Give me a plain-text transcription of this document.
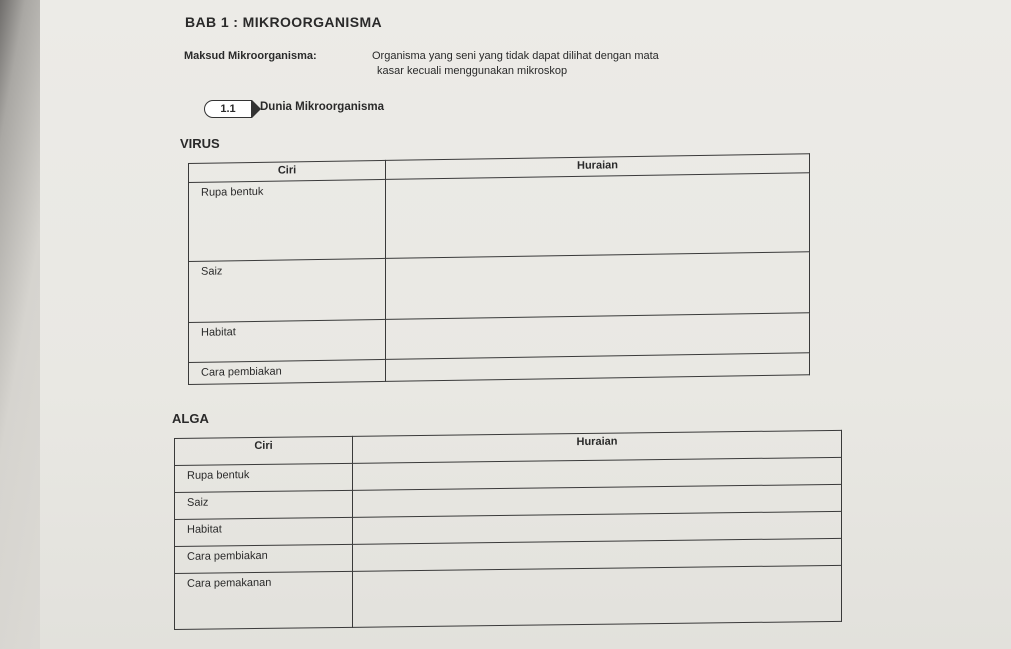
BAB 1 : MIKROORGANISMA
Maksud Mikroorganisma:	Organisma yang seni yang tidak dapat dilihat dengan mata
kasar kecuali menggunakan mikroskop
1.1	Dunia Mikroorganisma
VIRUS
Ciri	Huraian
Rupa bentuk	
Saiz	
Habitat	
Cara pembiakan	
ALGA
Ciri	Huraian
Rupa bentuk	
Saiz	
Habitat	
Cara pembiakan	
Cara pemakanan	
